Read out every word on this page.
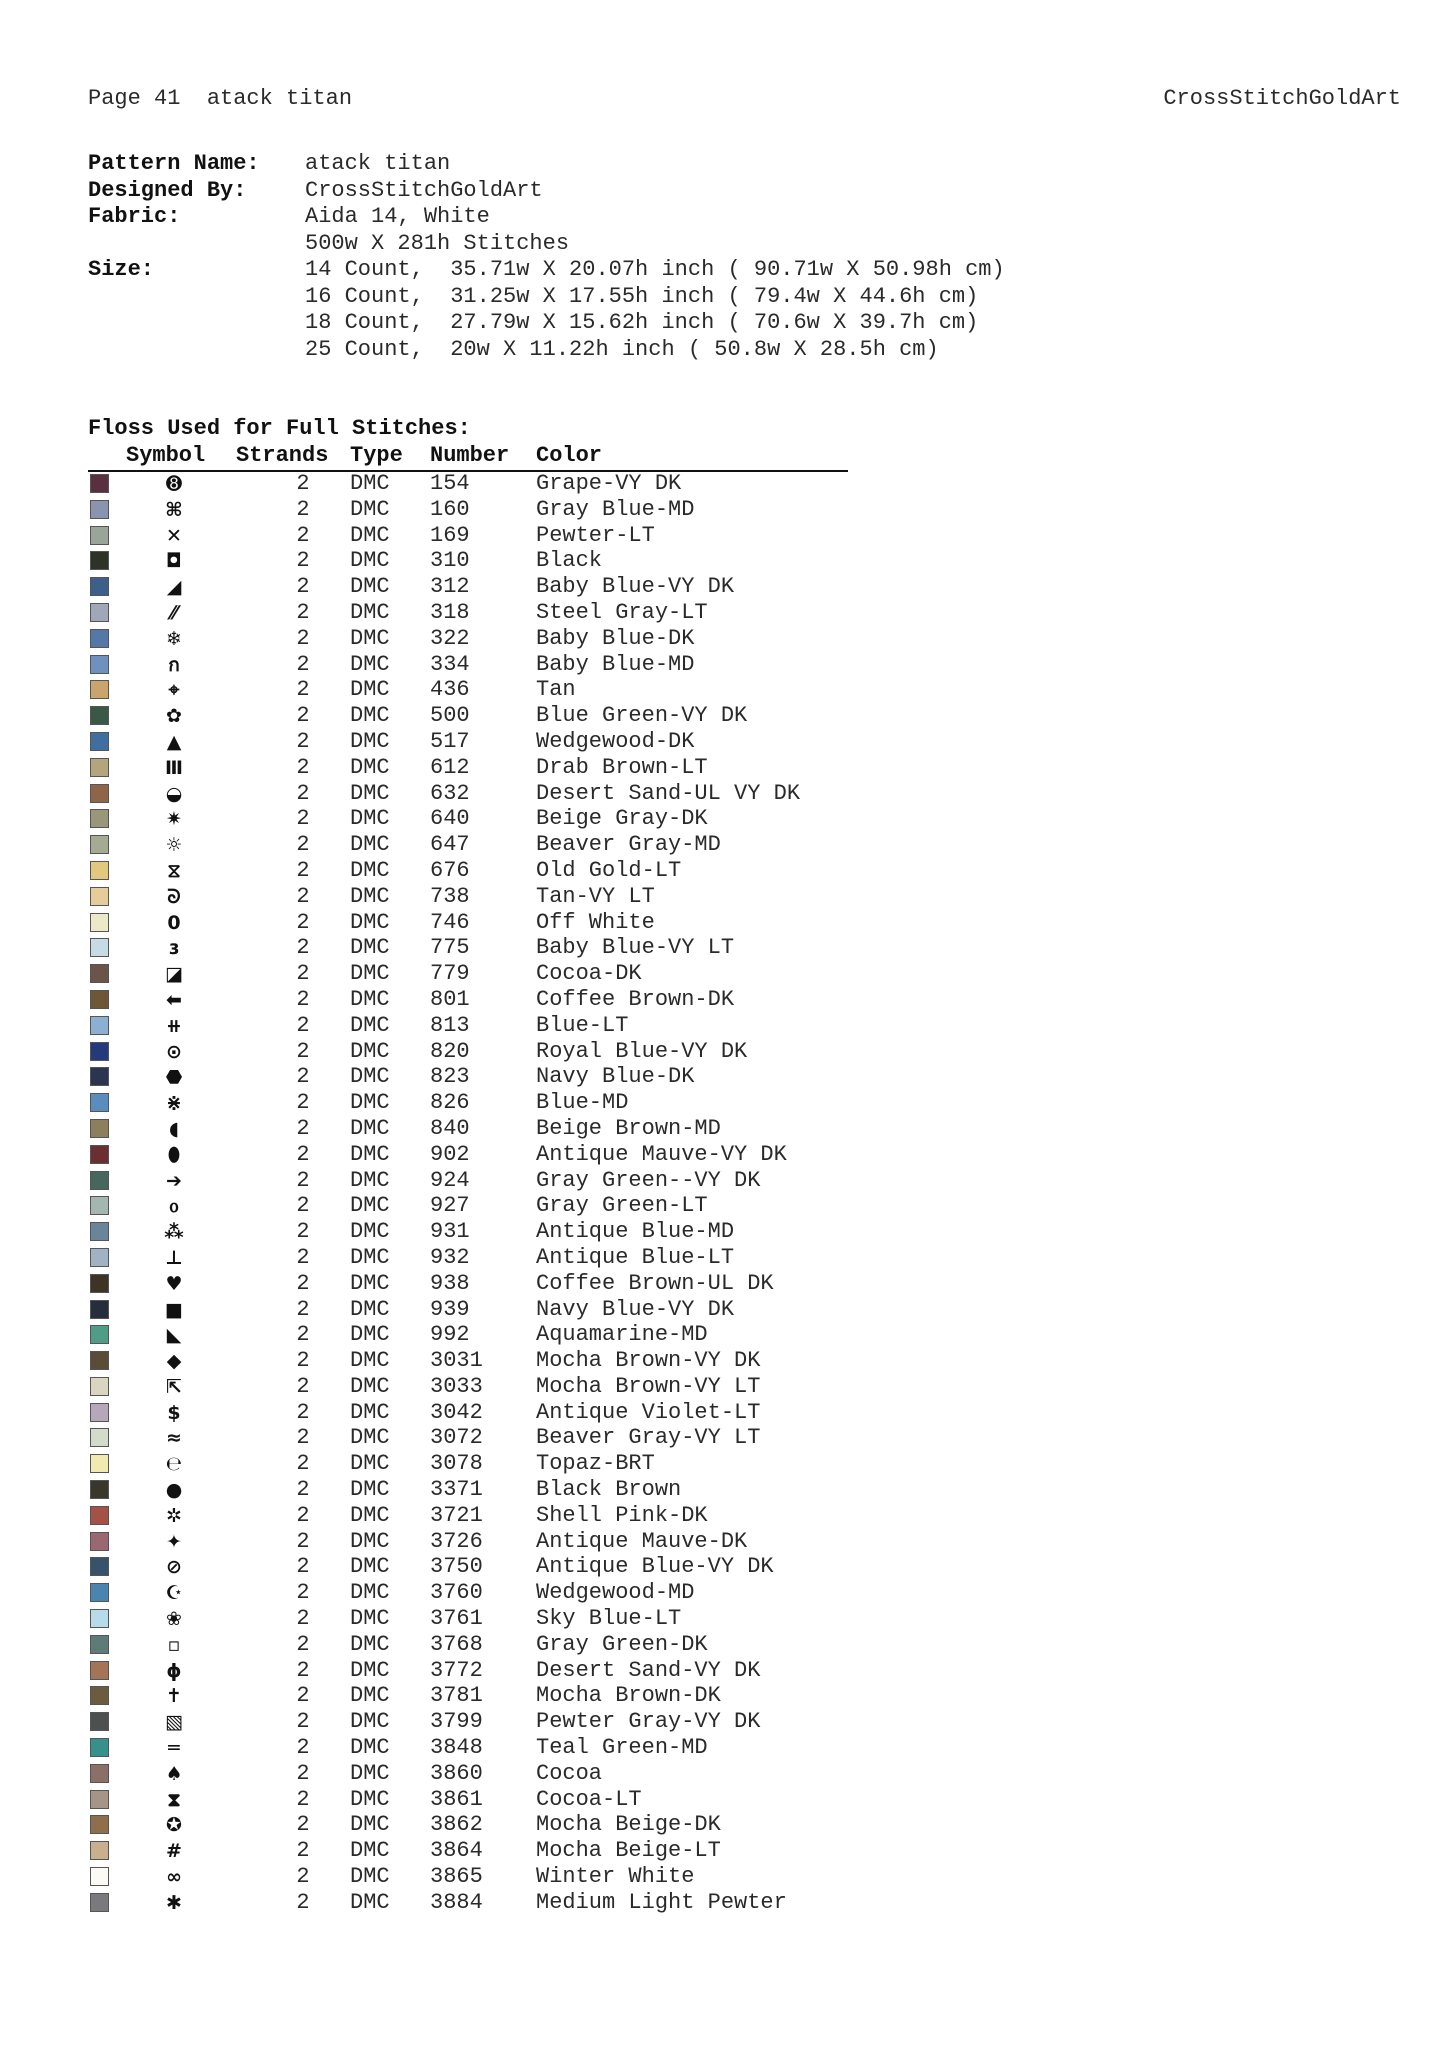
Page 41  atack titan	CrossStitchGoldArt
Pattern Name:	atack titan
Designed By:	CrossStitchGoldArt
Fabric:	Aida 14, White
500w X 281h Stitches
Size:	14 Count,  35.71w X 20.07h inch ( 90.71w X 50.98h cm)
16 Count,  31.25w X 17.55h inch ( 79.4w X 44.6h cm)
18 Count,  27.79w X 15.62h inch ( 70.6w X 39.7h cm)
25 Count,  20w X 11.22h inch ( 50.8w X 28.5h cm)
Floss Used for Full Stitches:
Symbol Strands Type Number Color
➑	2	DMC 154	Grape-VY DK
⌘	2	DMC 160	Gray Blue-MD
✕	2	DMC 169	Pewter-LT
◘	2	DMC 310	Black
◢	2	DMC 312	Baby Blue-VY DK
⁄⁄	2	DMC 318	Steel Gray-LT
❄	2	DMC 322	Baby Blue-DK
ก	2	DMC 334	Baby Blue-MD
⌖	2	DMC 436	Tan
✿	2	DMC 500	Blue Green-VY DK
▲	2	DMC 517	Wedgewood-DK
Ⅲ	2	DMC 612	Drab Brown-LT
◒	2	DMC 632	Desert Sand-UL VY DK
✷	2	DMC 640	Beige Gray-DK
☼	2	DMC 647	Beaver Gray-MD
⧖	2	DMC 676	Old Gold-LT
ᘐ	2	DMC 738	Tan-VY LT
0	2	DMC 746	Off White
ɜ	2	DMC 775	Baby Blue-VY LT
◪	2	DMC 779	Cocoa-DK
⬅	2	DMC 801	Coffee Brown-DK
⧺	2	DMC 813	Blue-LT
⊙	2	DMC 820	Royal Blue-VY DK
⬣	2	DMC 823	Navy Blue-DK
⋇	2	DMC 826	Blue-MD
◖	2	DMC 840	Beige Brown-MD
⬮	2	DMC 902	Antique Mauve-VY DK
➔	2	DMC 924	Gray Green--VY DK
᧐	2	DMC 927	Gray Green-LT
⁂	2	DMC 931	Antique Blue-MD
⊥	2	DMC 932	Antique Blue-LT
♥	2	DMC 938	Coffee Brown-UL DK
■	2	DMC 939	Navy Blue-VY DK
◣	2	DMC 992	Aquamarine-MD
◆	2	DMC 3031 Mocha Brown-VY DK
⇱	2	DMC 3033 Mocha Brown-VY LT
$	2	DMC 3042 Antique Violet-LT
≈	2	DMC 3072 Beaver Gray-VY LT
℮	2	DMC 3078 Topaz-BRT
●	2	DMC 3371 Black Brown
✲	2	DMC 3721 Shell Pink-DK
✦	2	DMC 3726 Antique Mauve-DK
⊘	2	DMC 3750 Antique Blue-VY DK
☪	2	DMC 3760 Wedgewood-MD
❀	2	DMC 3761 Sky Blue-LT
▫	2	DMC 3768 Gray Green-DK
ɸ	2	DMC 3772 Desert Sand-VY DK
✝	2	DMC 3781 Mocha Brown-DK
▧	2	DMC 3799 Pewter Gray-VY DK
═	2	DMC 3848 Teal Green-MD
♠	2	DMC 3860 Cocoa
⧗	2	DMC 3861 Cocoa-LT
✪	2	DMC 3862 Mocha Beige-DK
#	2	DMC 3864 Mocha Beige-LT
∞	2	DMC 3865 Winter White
✱	2	DMC 3884 Medium Light Pewter
